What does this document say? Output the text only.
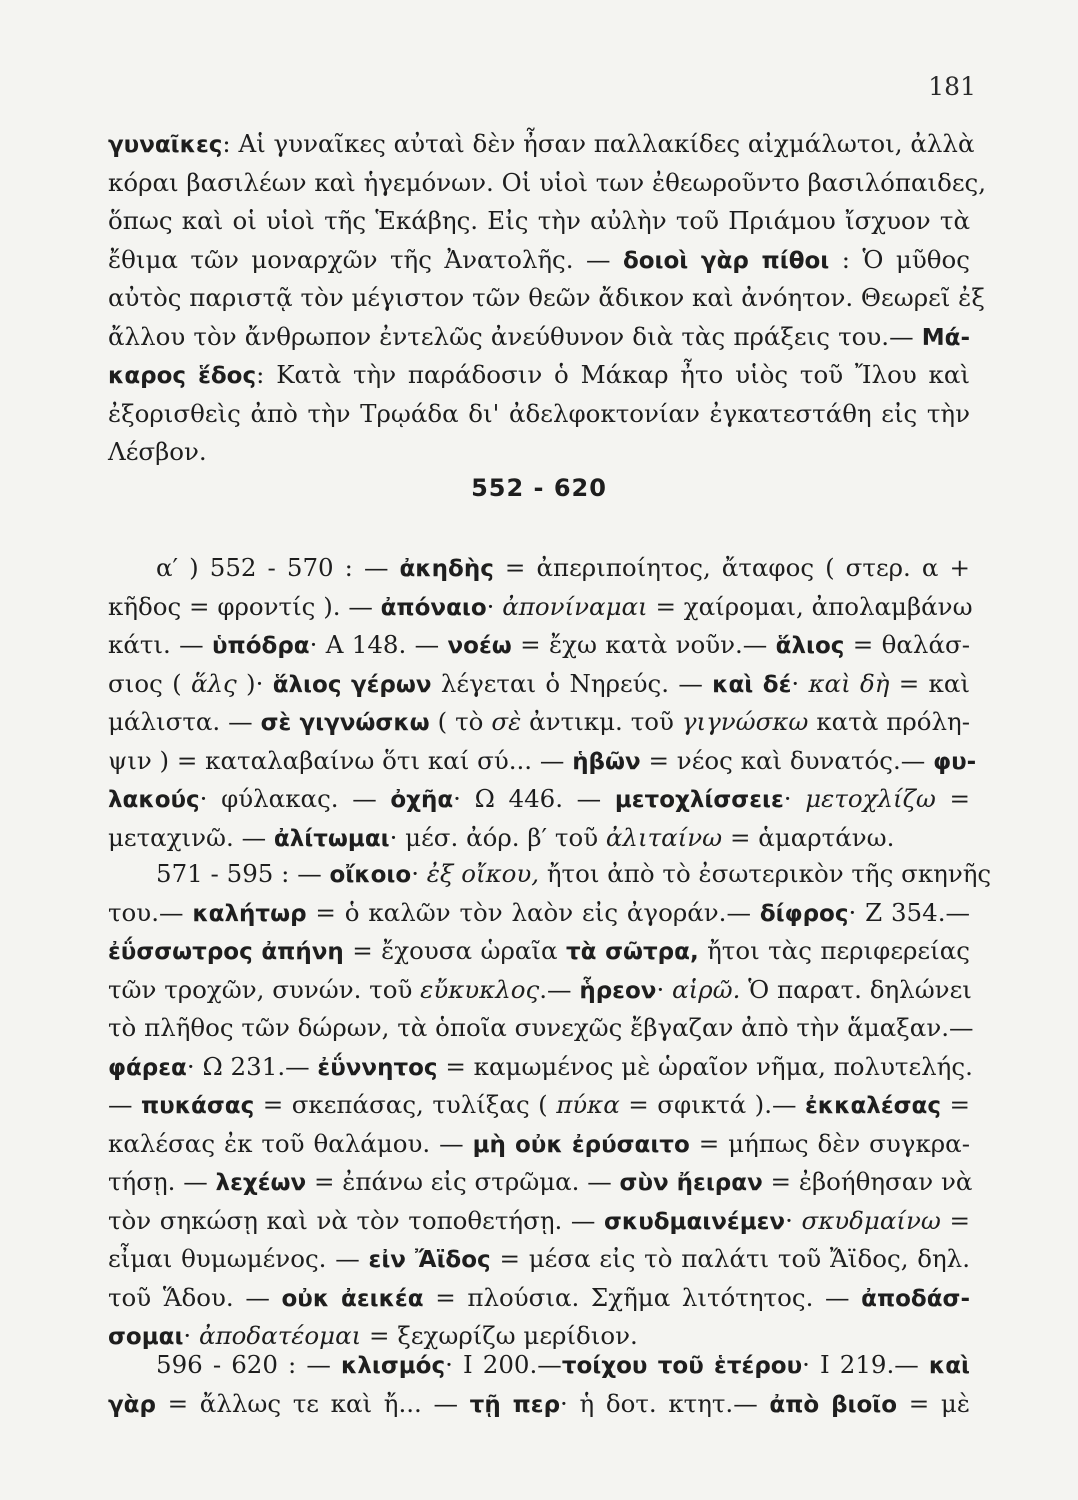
181
γυναῖκες: Αἱ γυναῖκες αὐταὶ δὲν ἦσαν παλλακίδες αἰχμάλωτοι, ἀλλὰ
κόραι βασιλέων καὶ ἡγεμόνων. Οἱ υἱοὶ των ἐθεωροῦντο βασιλόπαιδες,
ὅπως καὶ οἱ υἱοὶ τῆς Ἑκάβης. Εἰς τὴν αὐλὴν τοῦ Πριάμου ἴσχυον τὰ
ἔθιμα τῶν μοναρχῶν τῆς Ἀνατολῆς. — δοιοὶ γὰρ πίθοι : Ὁ μῦθος
αὐτὸς παριστᾷ τὸν μέγιστον τῶν θεῶν ἄδικον καὶ ἀνόητον. Θεωρεῖ ἐξ
ἄλλου τὸν ἄνθρωπον ἐντελῶς ἀνεύθυνον διὰ τὰς πράξεις του.— Μά-
καρος ἕδος: Κατὰ τὴν παράδοσιν ὁ Μάκαρ ἦτο υἱὸς τοῦ Ἴλου καὶ
ἐξορισθεὶς ἀπὸ τὴν Τρῳάδα δι' ἀδελφοκτονίαν ἐγκατεστάθη εἰς τὴν
Λέσβον.
552 - 620
α′ ) 552 - 570 : — ἀκηδὴς = ἀπεριποίητος, ἄταφος ( στερ. α +
κῆδος = φροντίς ). — ἀπόναιο· ἀπονίναμαι = χαίρομαι, ἀπολαμβάνω
κάτι. — ὑπόδρα· Α 148. — νοέω = ἔχω κατὰ νοῦν.— ἅλιος = θαλάσ-
σιος ( ἅλς )· ἅλιος γέρων λέγεται ὁ Νηρεύς. — καὶ δέ· καὶ δὴ = καὶ
μάλιστα. — σὲ γιγνώσκω ( τὸ σὲ ἀντικμ. τοῦ γιγνώσκω κατὰ πρόλη-
ψιν ) = καταλαβαίνω ὅτι καί σύ... — ἡβῶν = νέος καὶ δυνατός.— φυ-
λακούς· φύλακας. — ὀχῆα· Ω 446. — μετοχλίσσειε· μετοχλίζω =
μεταχινῶ. — ἀλίτωμαι· μέσ. ἀόρ. β′ τοῦ ἀλιταίνω = ἁμαρτάνω.
571 - 595 : — οἴκοιο· ἐξ οἴκου, ἤτοι ἀπὸ τὸ ἐσωτερικὸν τῆς σκηνῆς
του.— καλήτωρ = ὁ καλῶν τὸν λαὸν εἰς ἀγοράν.— δίφρος· Ζ 354.—
ἐΰσσωτρος ἀπήνη = ἔχουσα ὡραῖα τὰ σῶτρα, ἤτοι τὰς περιφερείας
τῶν τροχῶν, συνών. τοῦ εὔκυκλος.— ἧρεον· αἱρῶ. Ὁ παρατ. δηλώνει
τὸ πλῆθος τῶν δώρων, τὰ ὁποῖα συνεχῶς ἔβγαζαν ἀπὸ τὴν ἅμαξαν.—
φάρεα· Ω 231.— ἐΰννητος = καμωμένος μὲ ὡραῖον νῆμα, πολυτελής.
— πυκάσας = σκεπάσας, τυλίξας ( πύκα = σφικτά ).— ἐκκαλέσας =
καλέσας ἐκ τοῦ θαλάμου. — μὴ οὐκ ἐρύσαιτο = μήπως δὲν συγκρα-
τήσῃ. — λεχέων = ἐπάνω εἰς στρῶμα. — σὺν ἤειραν = ἐβοήθησαν νὰ
τὸν σηκώσῃ καὶ νὰ τὸν τοποθετήσῃ. — σκυδμαινέμεν· σκυδμαίνω =
εἶμαι θυμωμένος. — εἰν Ἄϊδος = μέσα εἰς τὸ παλάτι τοῦ Ἄϊδος, δηλ.
τοῦ Ἅδου. — οὐκ ἀεικέα = πλούσια. Σχῆμα λιτότητος. — ἀποδάσ-
σομαι· ἀποδατέομαι = ξεχωρίζω μερίδιον.
596 - 620 : — κλισμός· Ι 200.—τοίχου τοῦ ἑτέρου· Ι 219.— καὶ
γὰρ = ἄλλως τε καὶ ἤ... — τῇ περ· ἡ δοτ. κτητ.— ἀπὸ βιοῖο = μὲ
